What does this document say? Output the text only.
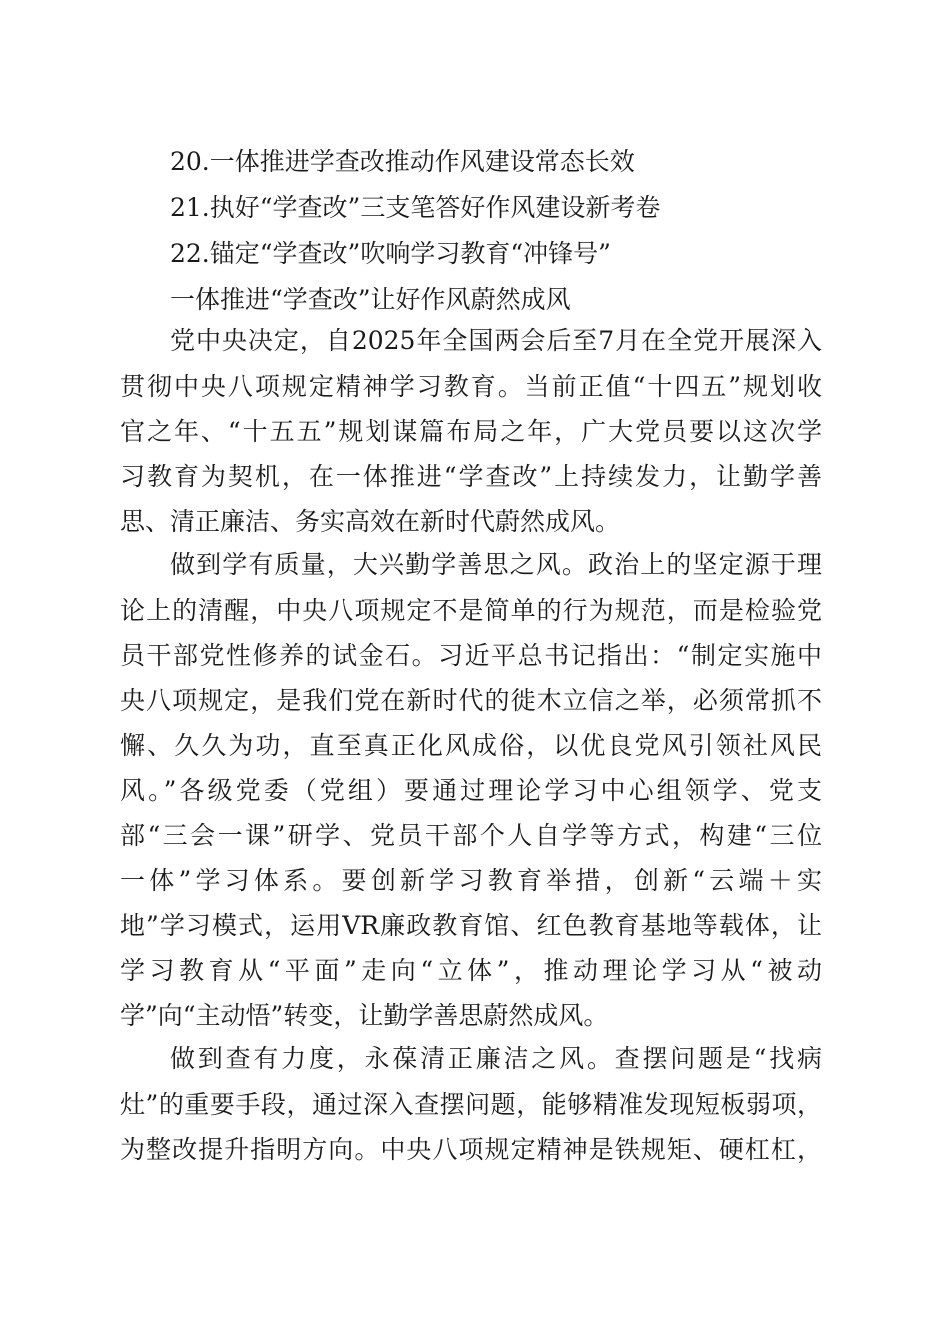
20.一体推进学查改推动作风建设常态长效
21.执好“学查改”三支笔答好作风建设新考卷
22.锚定“学查改”吹响学习教育“冲锋号”
一体推进“学查改”让好作风蔚然成风
党中央决定，自2025年全国两会后至7月在全党开展深入
贯彻中央八项规定精神学习教育。当前正值“十四五”规划收
官之年、“十五五”规划谋篇布局之年，广大党员要以这次学
习教育为契机，在一体推进“学查改”上持续发力，让勤学善
思、清正廉洁、务实高效在新时代蔚然成风。
做到学有质量，大兴勤学善思之风。政治上的坚定源于理
论上的清醒，中央八项规定不是简单的行为规范，而是检验党
员干部党性修养的试金石。习近平总书记指出：“制定实施中
央八项规定，是我们党在新时代的徙木立信之举，必须常抓不
懈、久久为功，直至真正化风成俗，以优良党风引领社风民
风。”各级党委（党组）要通过理论学习中心组领学、党支
部“三会一课”研学、党员干部个人自学等方式，构建“三位
一体”学习体系。要创新学习教育举措，创新“云端＋实
地”学习模式，运用VR廉政教育馆、红色教育基地等载体，让
学习教育从“平面”走向“立体”，推动理论学习从“被动
学”向“主动悟”转变，让勤学善思蔚然成风。
做到查有力度，永葆清正廉洁之风。查摆问题是“找病
灶”的重要手段，通过深入查摆问题，能够精准发现短板弱项，
为整改提升指明方向。中央八项规定精神是铁规矩、硬杠杠，
